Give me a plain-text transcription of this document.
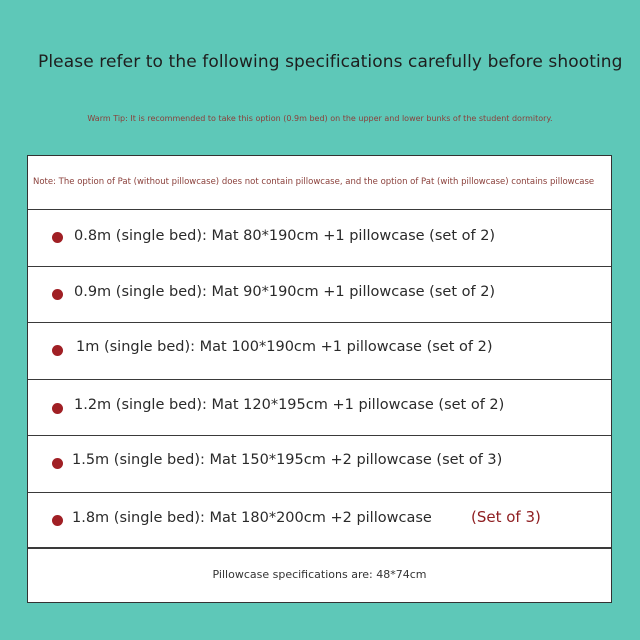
Please refer to the following specifications carefully before shooting
Warm Tip: It is recommended to take this option (0.9m bed) on the upper and lower bunks of the student dormitory.
Note: The option of Pat (without pillowcase) does not contain pillowcase, and the option of Pat (with pillowcase) contains pillowcase
0.8m (single bed): Mat 80*190cm +1 pillowcase (set of 2)
0.9m (single bed): Mat 90*190cm +1 pillowcase (set of 2)
1m (single bed): Mat 100*190cm +1 pillowcase (set of 2)
1.2m (single bed): Mat 120*195cm +1 pillowcase (set of 2)
1.5m (single bed): Mat 150*195cm +2 pillowcase (set of 3)
1.8m (single bed): Mat 180*200cm +2 pillowcase	(Set of 3)
Pillowcase specifications are: 48*74cm
